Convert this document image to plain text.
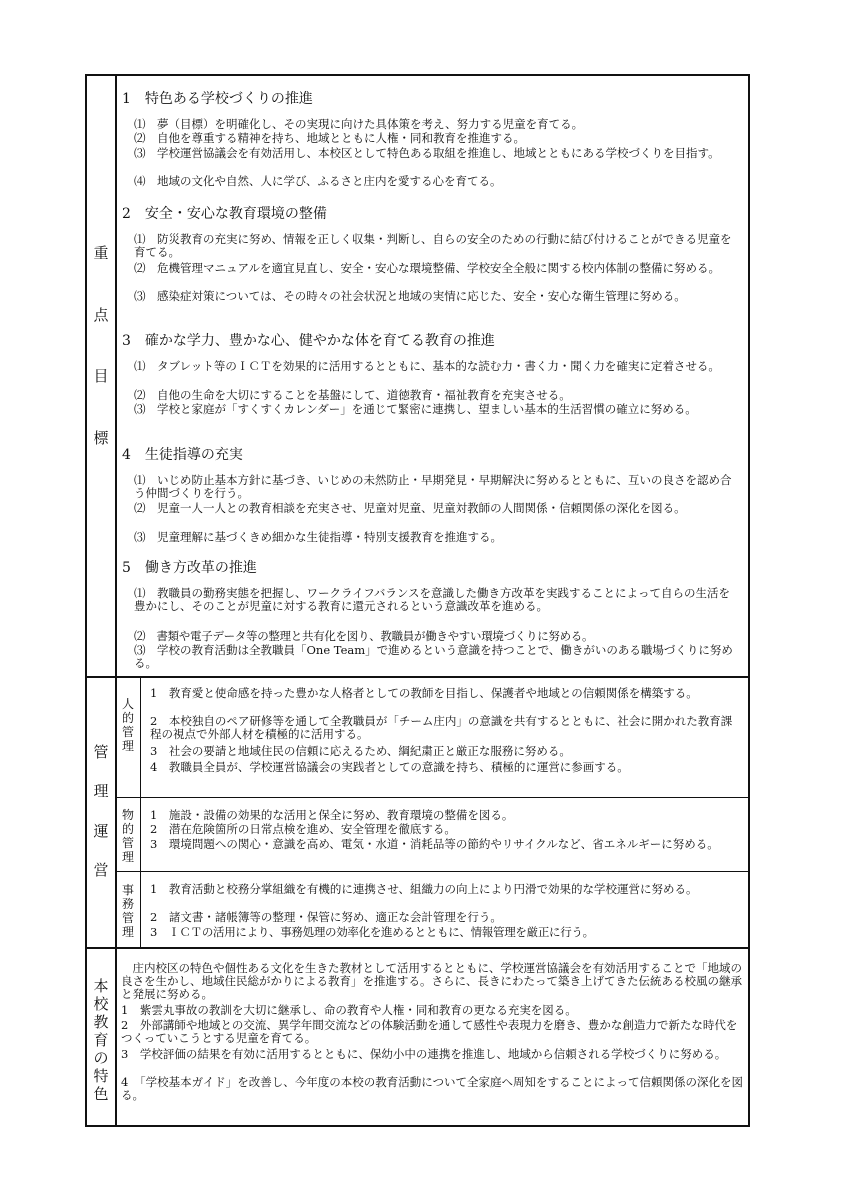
重
点
目
標
1　特色ある学校づくりの推進
⑴　夢（目標）を明確化し、その実現に向けた具体策を考え、努力する児童を育てる。
⑵　自他を尊重する精神を持ち、地域とともに人権・同和教育を推進する。
⑶　学校運営協議会を有効活用し、本校区として特色ある取組を推進し、地域とともにある学校づくりを目指す。
⑷　地域の文化や自然、人に学び、ふるさと庄内を愛する心を育てる。
2　安全・安心な教育環境の整備
⑴　防災教育の充実に努め、情報を正しく収集・判断し、自らの安全のための行動に結び付けることができる児童を育てる。
⑵　危機管理マニュアルを適宜見直し、安全・安心な環境整備、学校安全全般に関する校内体制の整備に努める。
⑶　感染症対策については、その時々の社会状況と地域の実情に応じた、安全・安心な衛生管理に努める。
3　確かな学力、豊かな心、健やかな体を育てる教育の推進
⑴　タブレット等のＩＣＴを効果的に活用するとともに、基本的な読む力・書く力・聞く力を確実に定着させる。
⑵　自他の生命を大切にすることを基盤にして、道徳教育・福祉教育を充実させる。
⑶　学校と家庭が「すくすくカレンダー」を通じて緊密に連携し、望ましい基本的生活習慣の確立に努める。
4　生徒指導の充実
⑴　いじめ防止基本方針に基づき、いじめの未然防止・早期発見・早期解決に努めるとともに、互いの良さを認め合う仲間づくりを行う。
⑵　児童一人一人との教育相談を充実させ、児童対児童、児童対教師の人間関係・信頼関係の深化を図る。
⑶　児童理解に基づくきめ細かな生徒指導・特別支援教育を推進する。
5　働き方改革の推進
⑴　教職員の勤務実態を把握し、ワークライフバランスを意識した働き方改革を実践することによって自らの生活を豊かにし、そのことが児童に対する教育に還元されるという意識改革を進める。
⑵　書類や電子データ等の整理と共有化を図り、教職員が働きやすい環境づくりに努める。
⑶　学校の教育活動は全教職員「One Team」で進めるという意識を持つことで、働きがいのある職場づくりに努める。
管
理
運
営
人
的
管
理
1　教育愛と使命感を持った豊かな人格者としての教師を目指し、保護者や地域との信頼関係を構築する。
2　本校独自のペア研修等を通して全教職員が「チーム庄内」の意識を共有するとともに、社会に開かれた教育課程の視点で外部人材を積極的に活用する。
3　社会の要請と地域住民の信頼に応えるため、綱紀粛正と厳正な服務に努める。
4　教職員全員が、学校運営協議会の実践者としての意識を持ち、積極的に運営に参画する。
物
的
管
理
1　施設・設備の効果的な活用と保全に努め、教育環境の整備を図る。
2　潜在危険箇所の日常点検を進め、安全管理を徹底する。
3　環境問題への関心・意識を高め、電気・水道・消耗品等の節約やリサイクルなど、省エネルギーに努める。
事
務
管
理
1　教育活動と校務分掌組織を有機的に連携させ、組織力の向上により円滑で効果的な学校運営に努める。
2　諸文書・諸帳簿等の整理・保管に努め、適正な会計管理を行う。
3　ＩＣＴの活用により、事務処理の効率化を進めるとともに、情報管理を厳正に行う。
本
校
教
育
の
特
色
　庄内校区の特色や個性ある文化を生きた教材として活用するとともに、学校運営協議会を有効活用することで「地域の良さを生かし、地域住民総がかりによる教育」を推進する。さらに、長きにわたって築き上げてきた伝統ある校風の継承と発展に努める。
1　紫雲丸事故の教訓を大切に継承し、命の教育や人権・同和教育の更なる充実を図る。
2　外部講師や地域との交流、異学年間交流などの体験活動を通して感性や表現力を磨き、豊かな創造力で新たな時代をつくっていこうとする児童を育てる。
3　学校評価の結果を有効に活用するとともに、保幼小中の連携を推進し、地域から信頼される学校づくりに努める。
4　「学校基本ガイド」を改善し、今年度の本校の教育活動について全家庭へ周知をすることによって信頼関係の深化を図る。
